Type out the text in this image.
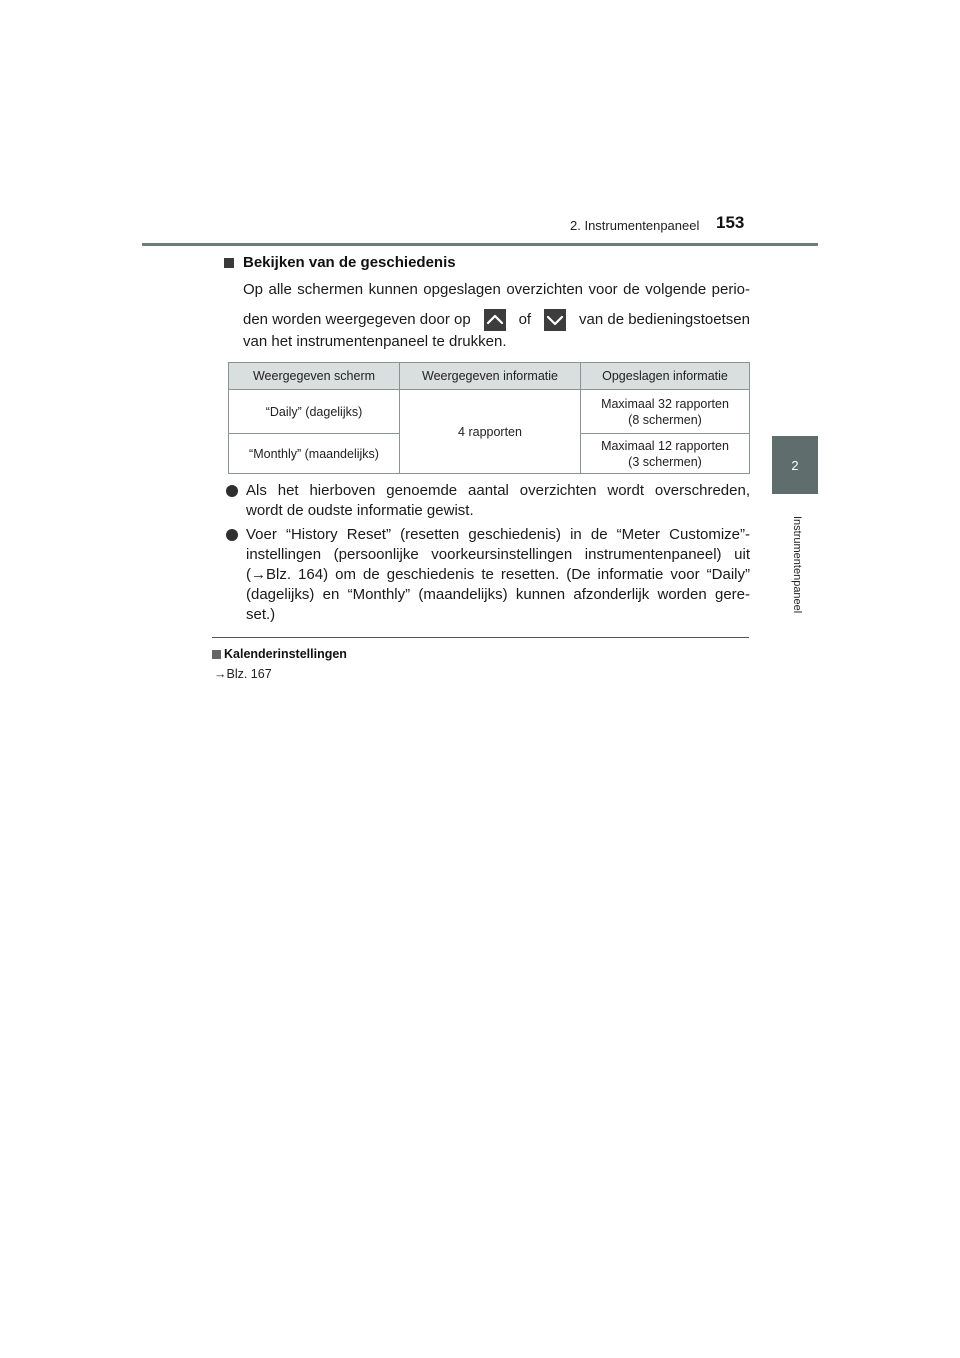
2. Instrumentenpaneel 153
2
Instrumentenpaneel
Bekijken van de geschiedenis
Op alle schermen kunnen opgeslagen overzichten voor de volgende perio-
den worden weergegeven door op	of	van de bedieningstoetsen
van het instrumentenpaneel te drukken.
Weergegeven scherm	Weergegeven informatie	Opgeslagen informatie
“Daily” (dagelijks)	4 rapporten	Maximaal 32 rapporten
(8 schermen)

“Monthly” (maandelijks)		Maximaal 12 rapporten
(3 schermen)
Als het hierboven genoemde aantal overzichten wordt overschreden,
wordt de oudste informatie gewist.
Voer “History Reset” (resetten geschiedenis) in de “Meter Customize”-
instellingen (persoonlijke voorkeursinstellingen instrumentenpaneel) uit
(→Blz. 164) om de geschiedenis te resetten. (De informatie voor “Daily”
(dagelijks) en “Monthly” (maandelijks) kunnen afzonderlijk worden gere-
set.)
Kalenderinstellingen
→Blz. 167
